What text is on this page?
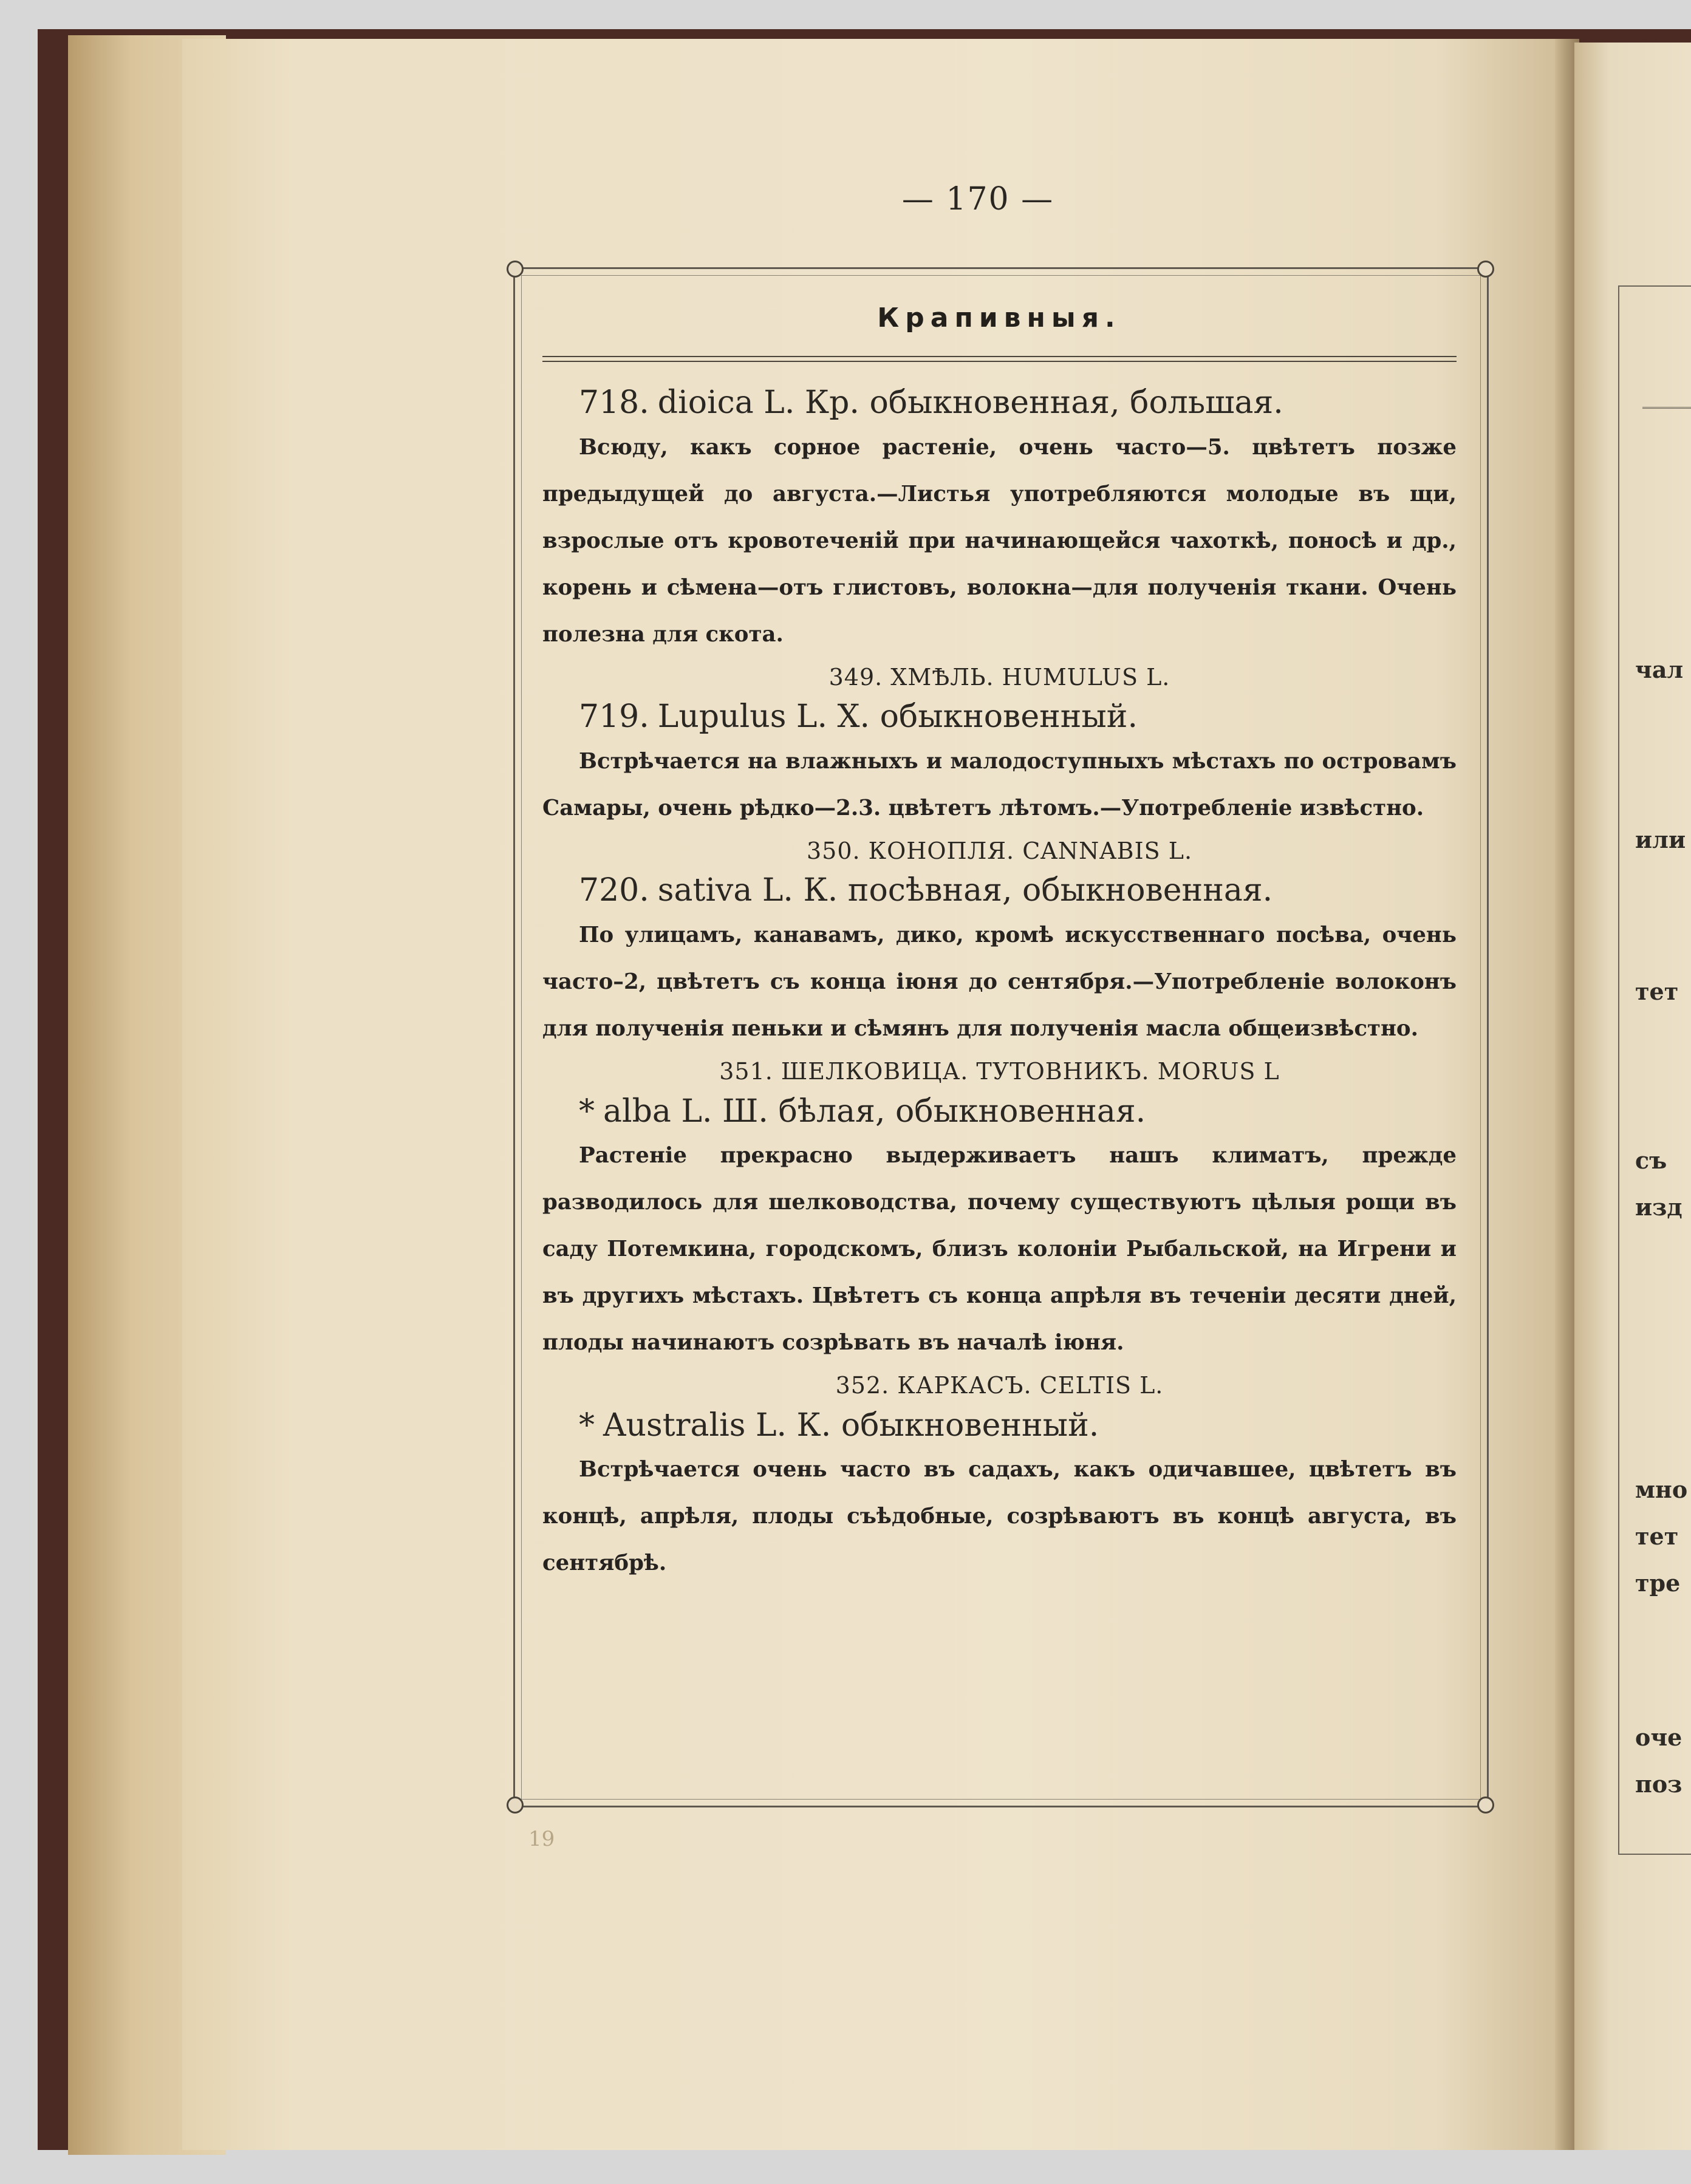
чал
или
тет
съ
изд
мно
тет
тре
оче
поз
— 170 —
Крапивныя.

718. dioica L. Кр. обыкновенная, большая.

Всюду, какъ сорное растеніе, очень часто—5. цвѣтетъ позже предыдущей до августа.—Листья употребляются молодые въ щи, взрослые отъ кровотеченій при начинающейся чахоткѣ, поносѣ и др., корень и сѣмена—отъ глистовъ, волокна—для полученія ткани. Очень полезна для скота.

349. ХМѢЛЬ. HUMULUS L.

719. Lupulus L. X. обыкновенный.

Встрѣчается на влажныхъ и малодоступныхъ мѣстахъ по островамъ Самары, очень рѣдко—2.3. цвѣтетъ лѣтомъ.—Употребленіе извѣстно.

350. КОНОПЛЯ. CANNABIS L.

720. sativa L. К. посѣвная, обыкновенная.

По улицамъ, канавамъ, дико, кромѣ искусственнаго посѣва, очень часто–2, цвѣтетъ съ конца іюня до сентября.—Употребленіе волоконъ для полученія пеньки и сѣмянъ для полученія масла общеизвѣстно.

351. ШЕЛКОВИЦА. ТУТОВНИКЪ. MORUS L

* alba L. Ш. бѣлая, обыкновенная.

Растеніе прекрасно выдерживаетъ нашъ климатъ, прежде разводилось для шелководства, почему существуютъ цѣлыя рощи въ саду Потемкина, городскомъ, близъ колоніи Рыбальской, на Игрени и въ другихъ мѣстахъ. Цвѣтетъ съ конца апрѣля въ теченіи десяти дней, плоды начинаютъ созрѣвать въ началѣ іюня.

352. КАРКАСЪ. CELTIS L.

* Australis L. К. обыкновенный.

Встрѣчается очень часто въ садахъ, какъ одичавшее, цвѣтетъ въ концѣ, апрѣля, плоды съѣдобные, созрѣваютъ въ концѣ августа, въ сентябрѣ.

19
